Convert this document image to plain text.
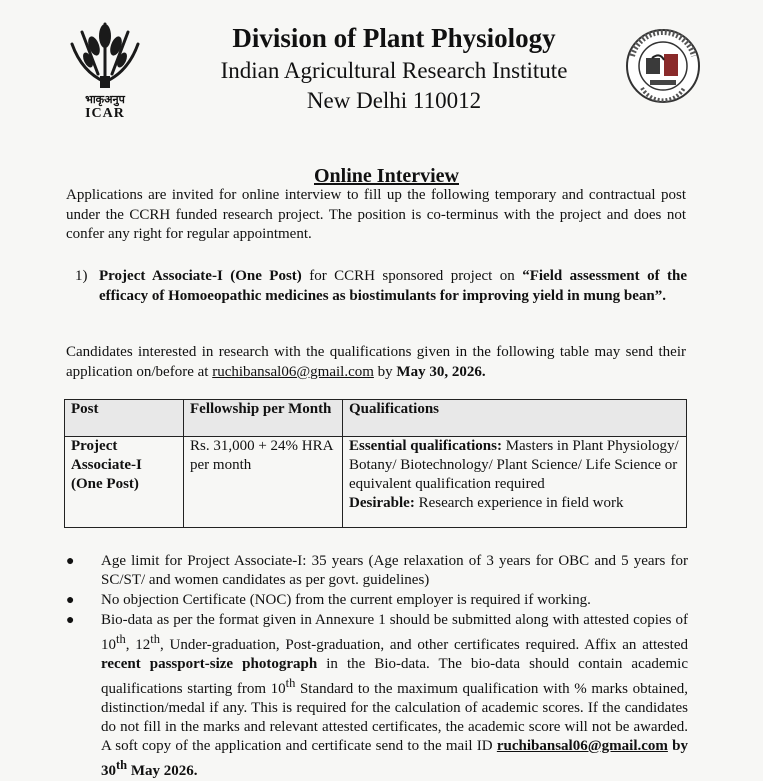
भाकृअनुप
ICAR
Division of Plant Physiology
Indian Agricultural Research Institute
New Delhi 110012
Online Interview
Applications are invited for online interview to fill up the following temporary and contractual post under the CCRH funded research project. The position is co-terminus with the project and does not confer any right for regular appointment.
1) Project Associate-I (One Post) for CCRH sponsored project on “Field assessment of the efficacy of Homoeopathic medicines as biostimulants for improving yield in mung bean”.
Candidates interested in research with the qualifications given in the following table may send their application on/before at ruchibansal06@gmail.com by May 30, 2026.
Post	Fellowship per Month	Qualifications
Project Associate-I (One Post)	Rs. 31,000 + 24% HRA per month	Essential qualifications: Masters in Plant Physiology/ Botany/ Biotechnology/ Plant Science/ Life Science or equivalent qualification required
Desirable: Research experience in field work
● Age limit for Project Associate-I: 35 years (Age relaxation of 3 years for OBC and 5 years for SC/ST/ and women candidates as per govt. guidelines)
● No objection Certificate (NOC) from the current employer is required if working.
● Bio-data as per the format given in Annexure 1 should be submitted along with attested copies of 10th, 12th, Under-graduation, Post-graduation, and other certificates required. Affix an attested recent passport-size photograph in the Bio-data. The bio-data should contain academic qualifications starting from 10th Standard to the maximum qualification with % marks obtained, distinction/medal if any. This is required for the calculation of academic scores. If the candidates do not fill in the marks and relevant attested certificates, the academic score will not be awarded. A soft copy of the application and certificate send to the mail ID ruchibansal06@gmail.com by 30th May 2026.
